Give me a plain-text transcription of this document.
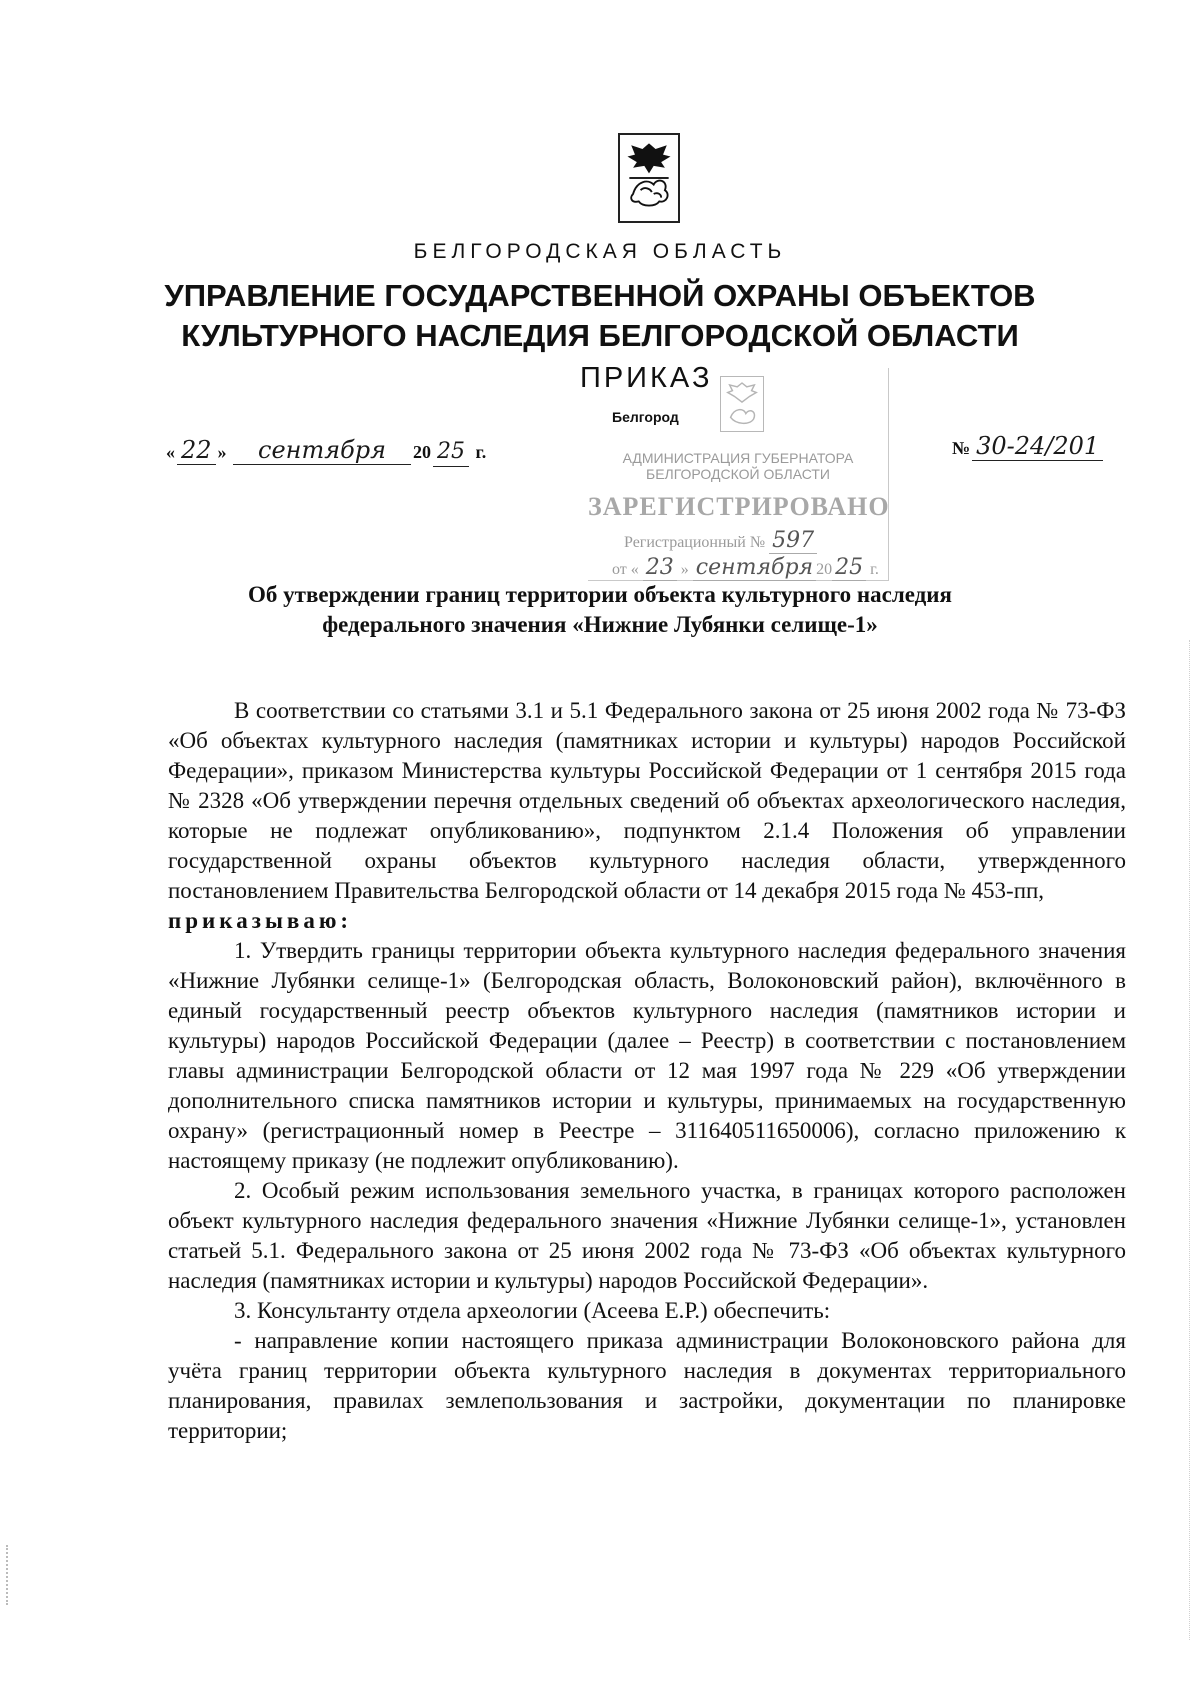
БЕЛГОРОДСКАЯ ОБЛАСТЬ
УПРАВЛЕНИЕ ГОСУДАРСТВЕННОЙ ОХРАНЫ ОБЪЕКТОВ
КУЛЬТУРНОГО НАСЛЕДИЯ БЕЛГОРОДСКОЙ ОБЛАСТИ
ПРИКАЗ
АДМИНИСТРАЦИЯ ГУБЕРНАТОРА
БЕЛГОРОДСКОЙ ОБЛАСТИ
ЗАРЕГИСТРИРОВАНО
Регистрационный № 597
от « 23 » сентября 20 25 г.
Белгород
« 22 » сентября 20 25 г.	№ 30-24/201
Об утверждении границ территории объекта культурного наследия
федерального значения «Нижние Лубянки селище-1»

В соответствии со статьями 3.1 и 5.1 Федерального закона от 25 июня 2002 года № 73-ФЗ «Об объектах культурного наследия (памятниках истории и культуры) народов Российской Федерации», приказом Министерства культуры Российской Федерации от 1 сентября 2015 года № 2328 «Об утверждении перечня отдельных сведений об объектах археологического наследия, которые не подлежат опубликованию», подпунктом 2.1.4 Положения об управлении государственной охраны объектов культурного наследия области, утвержденного постановлением Правительства Белгородской области от 14 декабря 2015 года № 453-пп,

приказываю:

1. Утвердить границы территории объекта культурного наследия федерального значения «Нижние Лубянки селище-1» (Белгородская область, Волоконовский район), включённого в единый государственный реестр объектов культурного наследия (памятников истории и культуры) народов Российской Федерации (далее – Реестр) в соответствии с постановлением главы администрации Белгородской области от 12 мая 1997 года № 229 «Об утверждении дополнительного списка памятников истории и культуры, принимаемых на государственную охрану» (регистрационный номер в Реестре – 311640511650006), согласно приложению к настоящему приказу (не подлежит опубликованию).

2. Особый режим использования земельного участка, в границах которого расположен объект культурного наследия федерального значения «Нижние Лубянки селище-1», установлен статьей 5.1. Федерального закона от 25 июня 2002 года № 73-ФЗ «Об объектах культурного наследия (памятниках истории и культуры) народов Российской Федерации».

3. Консультанту отдела археологии (Асеева Е.Р.) обеспечить:

- направление копии настоящего приказа администрации Волоконовского района для учёта границ территории объекта культурного наследия в документах территориального планирования, правилах землепользования и застройки, документации по планировке территории;
